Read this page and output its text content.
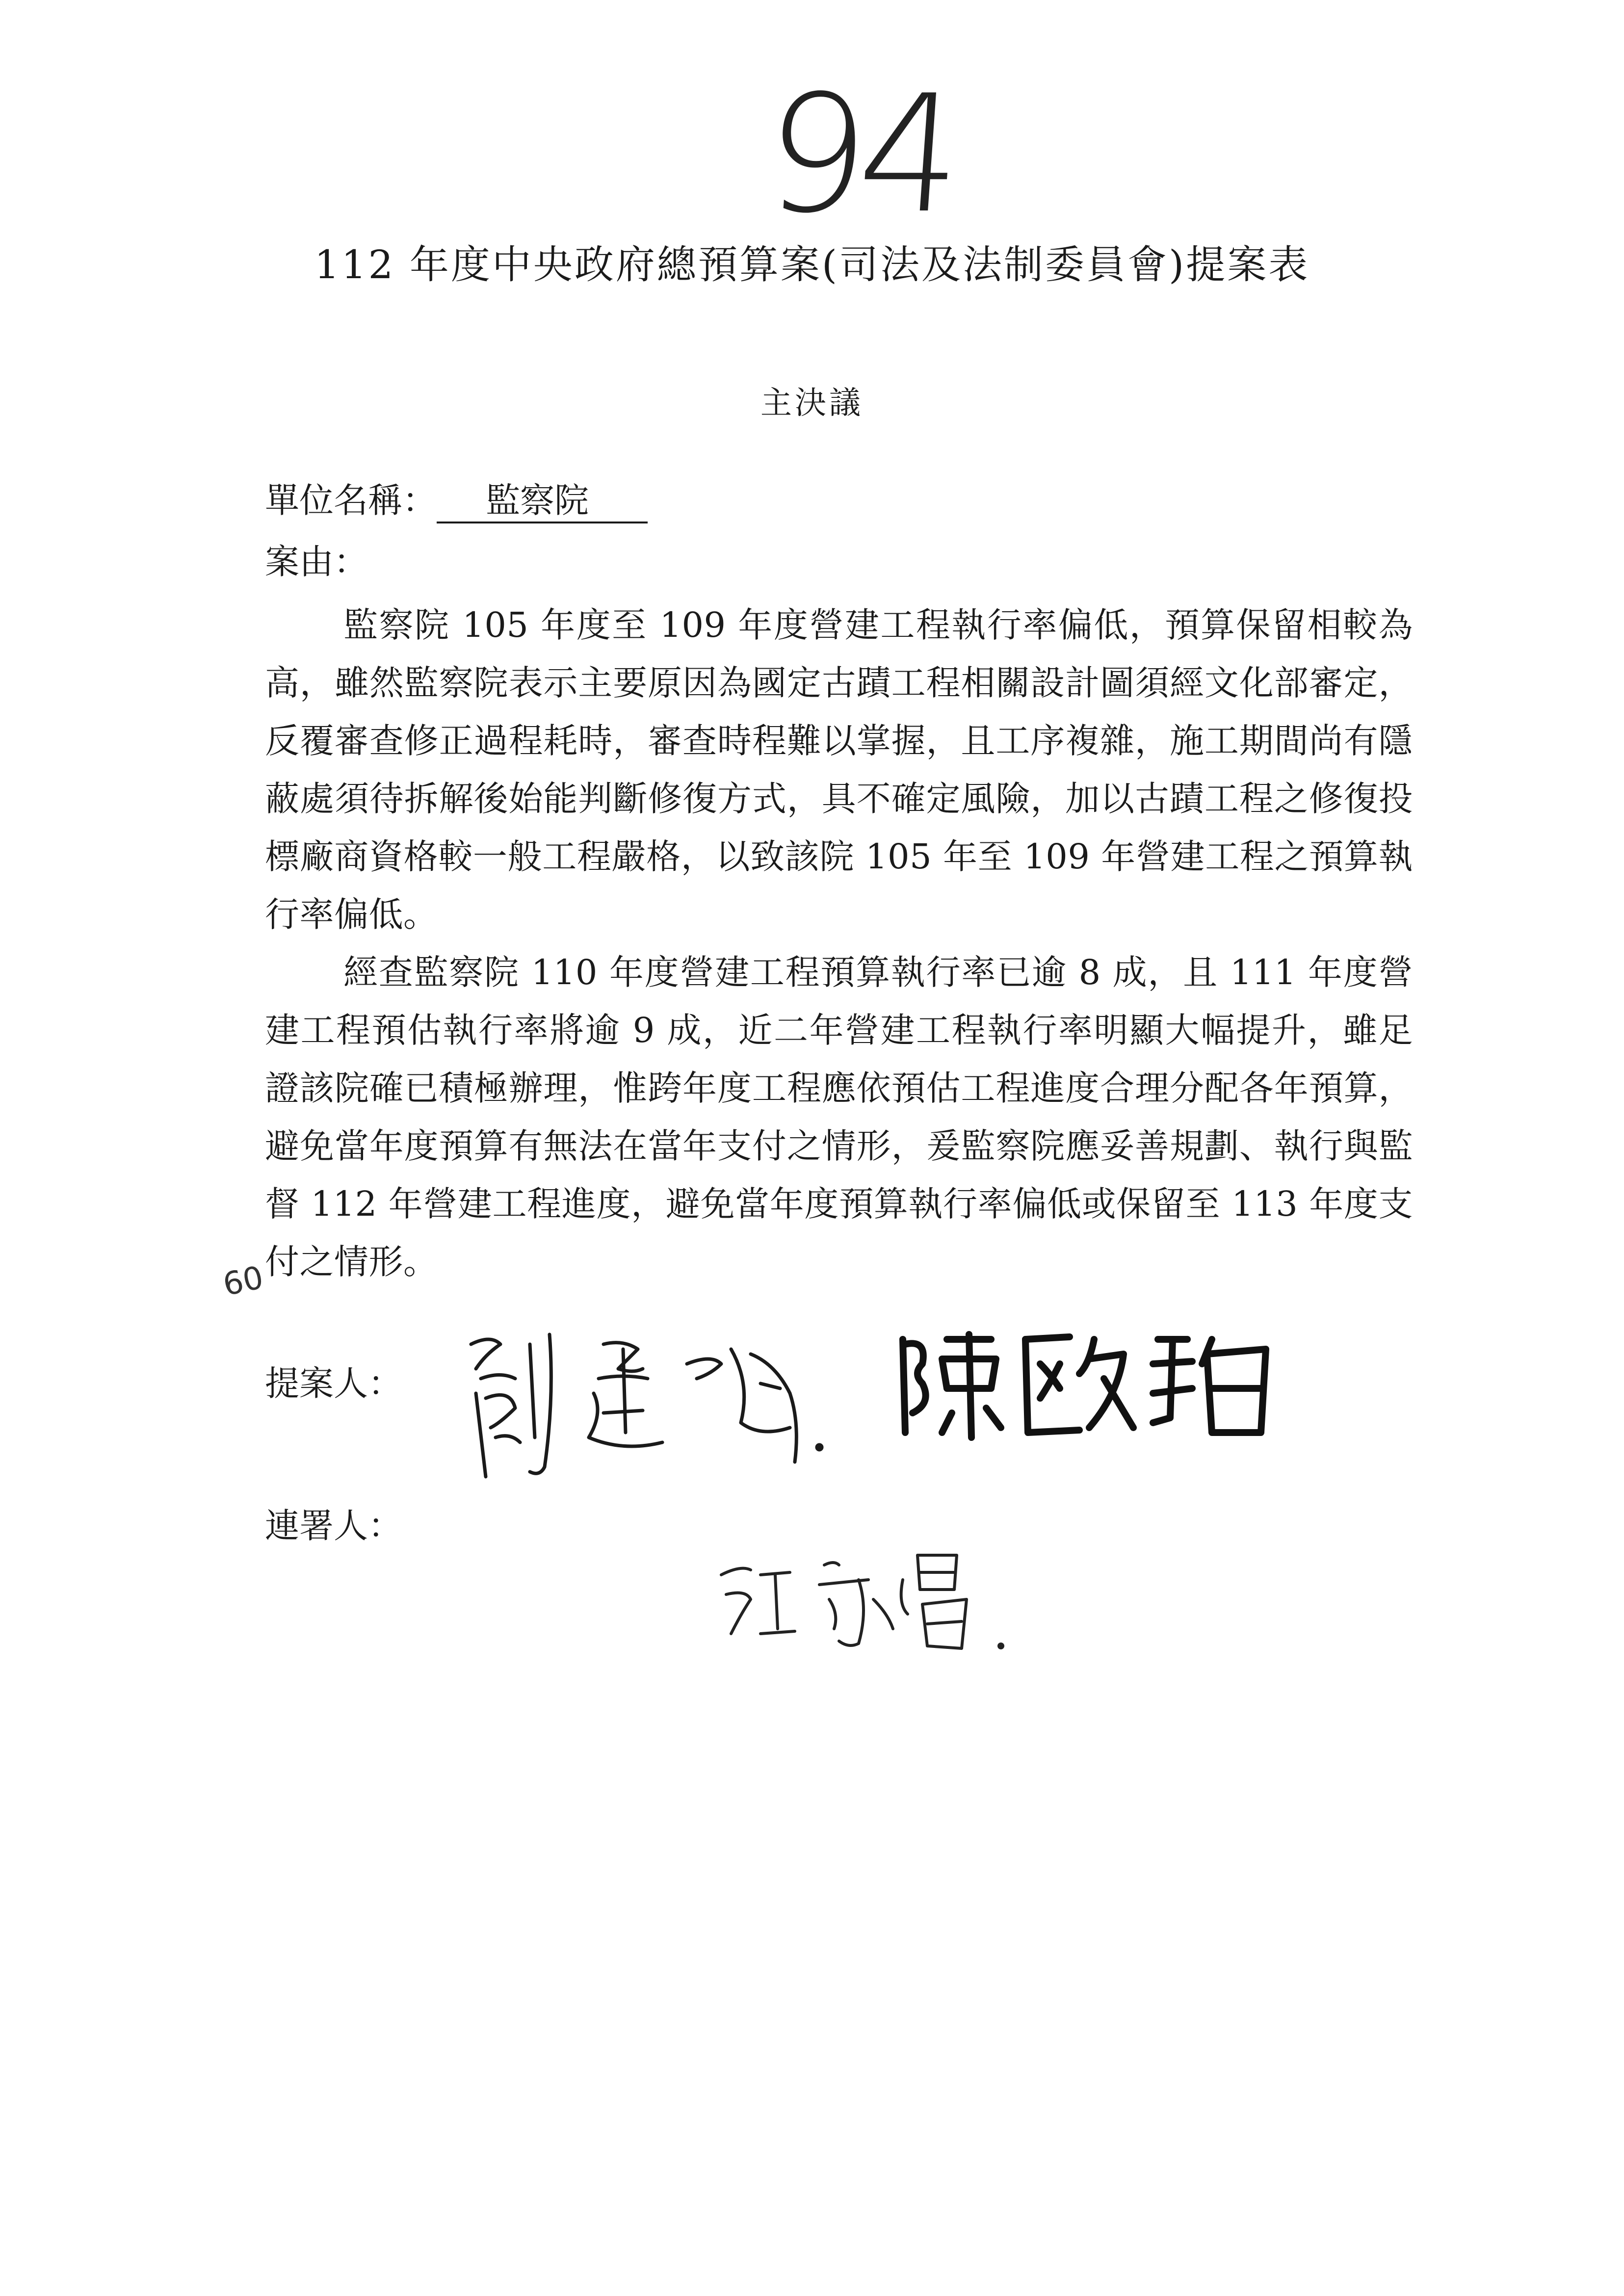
94
112 年度中央政府總預算案(司法及法制委員會)提案表
主決議
單位名稱： 監察院
案由：

監察院 105 年度至 109 年度營建工程執行率偏低，預算保留相較為高，雖然監察院表示主要原因為國定古蹟工程相關設計圖須經文化部審定，反覆審查修正過程耗時，審查時程難以掌握，且工序複雜，施工期間尚有隱蔽處須待拆解後始能判斷修復方式，具不確定風險，加以古蹟工程之修復投標廠商資格較一般工程嚴格，以致該院 105 年至 109 年營建工程之預算執行率偏低。

經查監察院 110 年度營建工程預算執行率已逾 8 成，且 111 年度營建工程預估執行率將逾 9 成，近二年營建工程執行率明顯大幅提升，雖足證該院確已積極辦理，惟跨年度工程應依預估工程進度合理分配各年預算，避免當年度預算有無法在當年支付之情形，爰監察院應妥善規劃、執行與監督 112 年營建工程進度，避免當年度預算執行率偏低或保留至 113 年度支付之情形。

60
提案人：
連署人：
